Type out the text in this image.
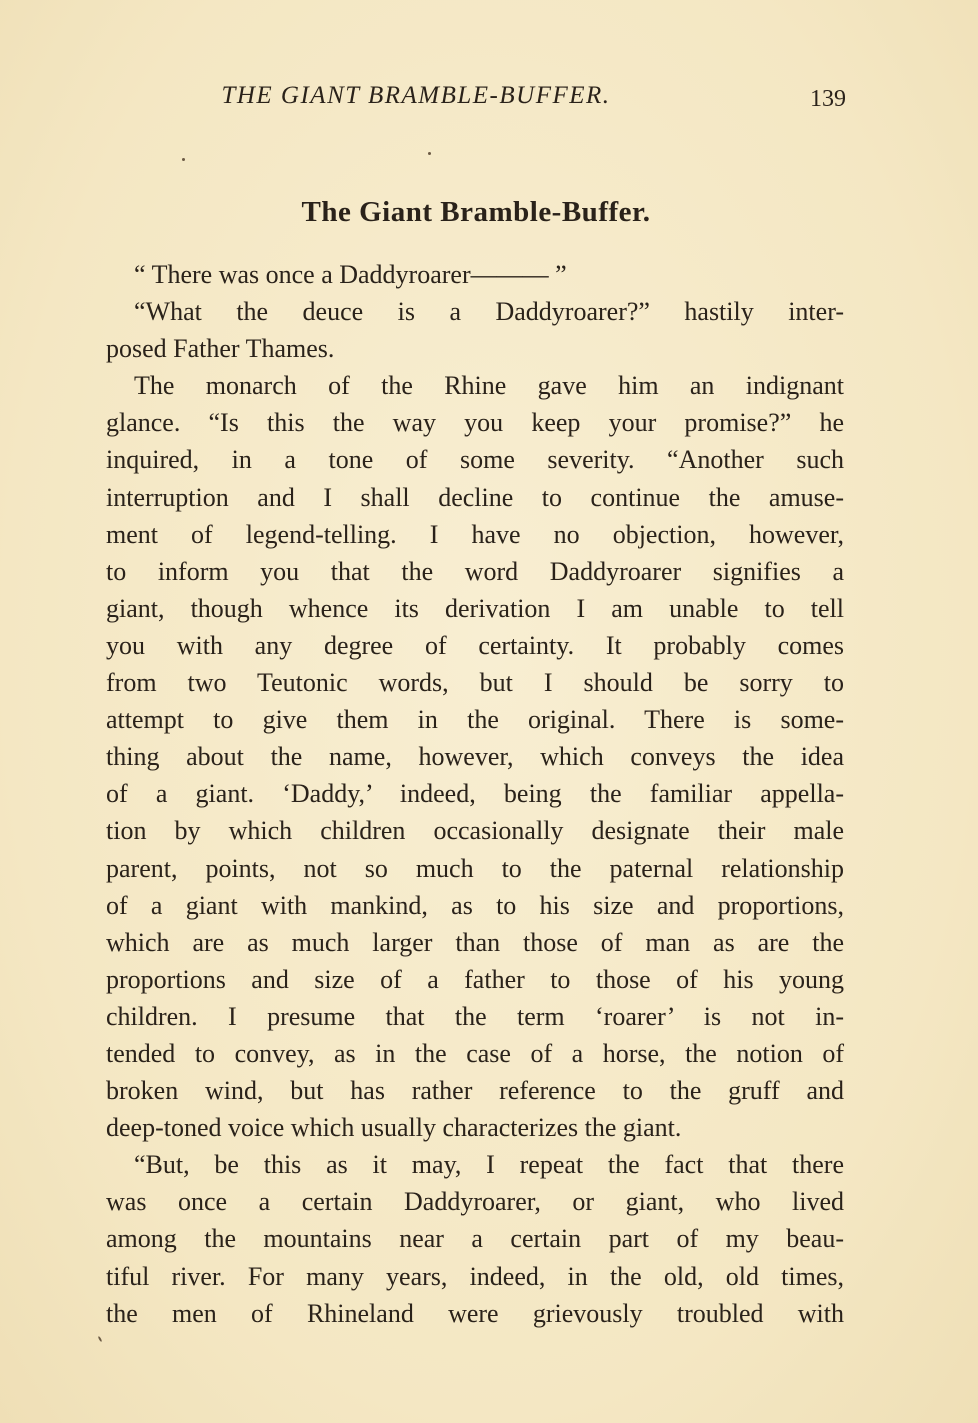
THE GIANT BRAMBLE-BUFFER.	139
The Giant Bramble-Buffer.
“ There was once a Daddyroarer——— ”
“What the deuce is a Daddyroarer?” hastily inter-
posed Father Thames.
The monarch of the Rhine gave him an indignant
glance. “Is this the way you keep your promise?” he
inquired, in a tone of some severity. “Another such
interruption and I shall decline to continue the amuse-
ment of legend-telling. I have no objection, however,
to inform you that the word Daddyroarer signifies a
giant, though whence its derivation I am unable to tell
you with any degree of certainty. It probably comes
from two Teutonic words, but I should be sorry to
attempt to give them in the original. There is some-
thing about the name, however, which conveys the idea
of a giant. ‘Daddy,’ indeed, being the familiar appella-
tion by which children occasionally designate their male
parent, points, not so much to the paternal relationship
of a giant with mankind, as to his size and proportions,
which are as much larger than those of man as are the
proportions and size of a father to those of his young
children. I presume that the term ‘roarer’ is not in-
tended to convey, as in the case of a horse, the notion of
broken wind, but has rather reference to the gruff and
deep-toned voice which usually characterizes the giant.
“But, be this as it may, I repeat the fact that there
was once a certain Daddyroarer, or giant, who lived
among the mountains near a certain part of my beau-
tiful river. For many years, indeed, in the old, old times,
the men of Rhineland were grievously troubled with
